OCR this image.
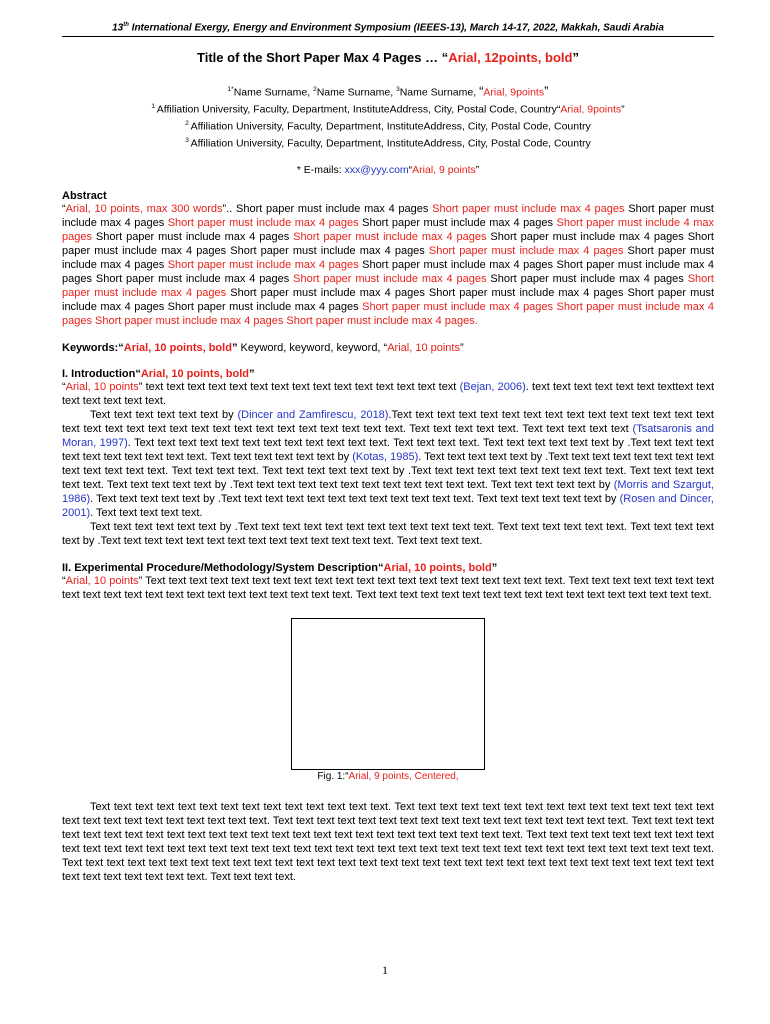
13th International Exergy, Energy and Environment Symposium (IEEES-13), March 14-17, 2022, Makkah, Saudi Arabia
Title of the Short Paper Max 4 Pages … “Arial, 12points, bold”
$^{1*}$Name Surname, $^2$Name Surname, $^3$Name Surname, “Arial, 9points”
$^1$ Affiliation University, Faculty, Department, InstituteAddress, City, Postal Code, Country“Arial, 9points”
$^2$ Affiliation University, Faculty, Department, InstituteAddress, City, Postal Code, Country
$^3$ Affiliation University, Faculty, Department, InstituteAddress, City, Postal Code, Country
* E-mails: xxx@yyy.com“Arial, 9 points”
Abstract
“Arial, 10 points, max 300 words”.. Short paper must include max 4 pages Short paper must include max 4 pages Short paper must include max 4 pages Short paper must include max 4 pages Short paper must include max 4 pages Short paper must include 4 max pages Short paper must include max 4 pages Short paper must include max 4 pages Short paper must include max 4 pages Short paper must include max 4 pages Short paper must include max 4 pages Short paper must include max 4 pages Short paper must include max 4 pages Short paper must include max 4 pages Short paper must include max 4 pages Short paper must include max 4 pages Short paper must include max 4 pages Short paper must include max 4 pages Short paper must include max 4 pages Short paper must include max 4 pages Short paper must include max 4 pages Short paper must include max 4 pages Short paper must include max 4 pages Short paper must include max 4 pages Short paper must include max 4 pages Short paper must include max 4 pages Short paper must include max 4 pages Short paper must include max 4 pages.
Keywords:“Arial, 10 points, bold” Keyword, keyword, keyword, “Arial, 10 points”
I. Introduction“Arial, 10 points, bold”
“Arial, 10 points” text text text text text text text text text text text text text text text (Bejan, 2006). text text text text text text texttext text text text text text text.
Text text text text text text by (Dincer and Zamfirescu, 2018).Text text text text text text text text text text text text text text text text text text text text text text text text text text text text text text text. Text text text text text. Text text text text text (Tsatsaronis and Moran, 1997). Text text text text text text text text text text text text. Text text text text. Text text text text text text by .Text text text text text text text text text text text. Text text text text text text by (Kotas, 1985). Text text text text text by .Text text text text text text text text text text text text text. Text text text text. Text text text text text text by .Text text text text text text text text text text. Text text text text text text. Text text text text text by .Text text text text text text text text text text text text. Text text text text text by (Morris and Szargut, 1986). Text text text text text by .Text text text text text text text text text text text text. Text text text text text text by (Rosen and Dincer, 2001). Text text text text text.
Text text text text text text by .Text text text text text text text text text text text text. Text text text text text text. Text text text text text by .Text text text text text text text text text text text text text text. Text text text text.
II. Experimental Procedure/Methodology/System Description“Arial, 10 points, bold”
“Arial, 10 points” Text text text text text text text text text text text text text text text text text text text text. Text text text text text text text text text text text text text text text text text text text text text. Text text text text text text text text text text text text text text text text text.
Fig. 1:“Arial, 9 points, Centered,
Text text text text text text text text text text text text text text. Text text text text text text text text text text text text text text text text text text text text text text text text text. Text text text text text text text text text text text text text text text text text. Text text text text text text text text text text text text text text text text text text text text text text text text text text. Text text text text text text text text text text text text text text text text text text text text text text text text text text text text text text text text text text text text text text text text. Text text text text text text text text text text text text text text text text text text text text text text text text text text text text text text text text text text text text text text. Text text text text.
1
